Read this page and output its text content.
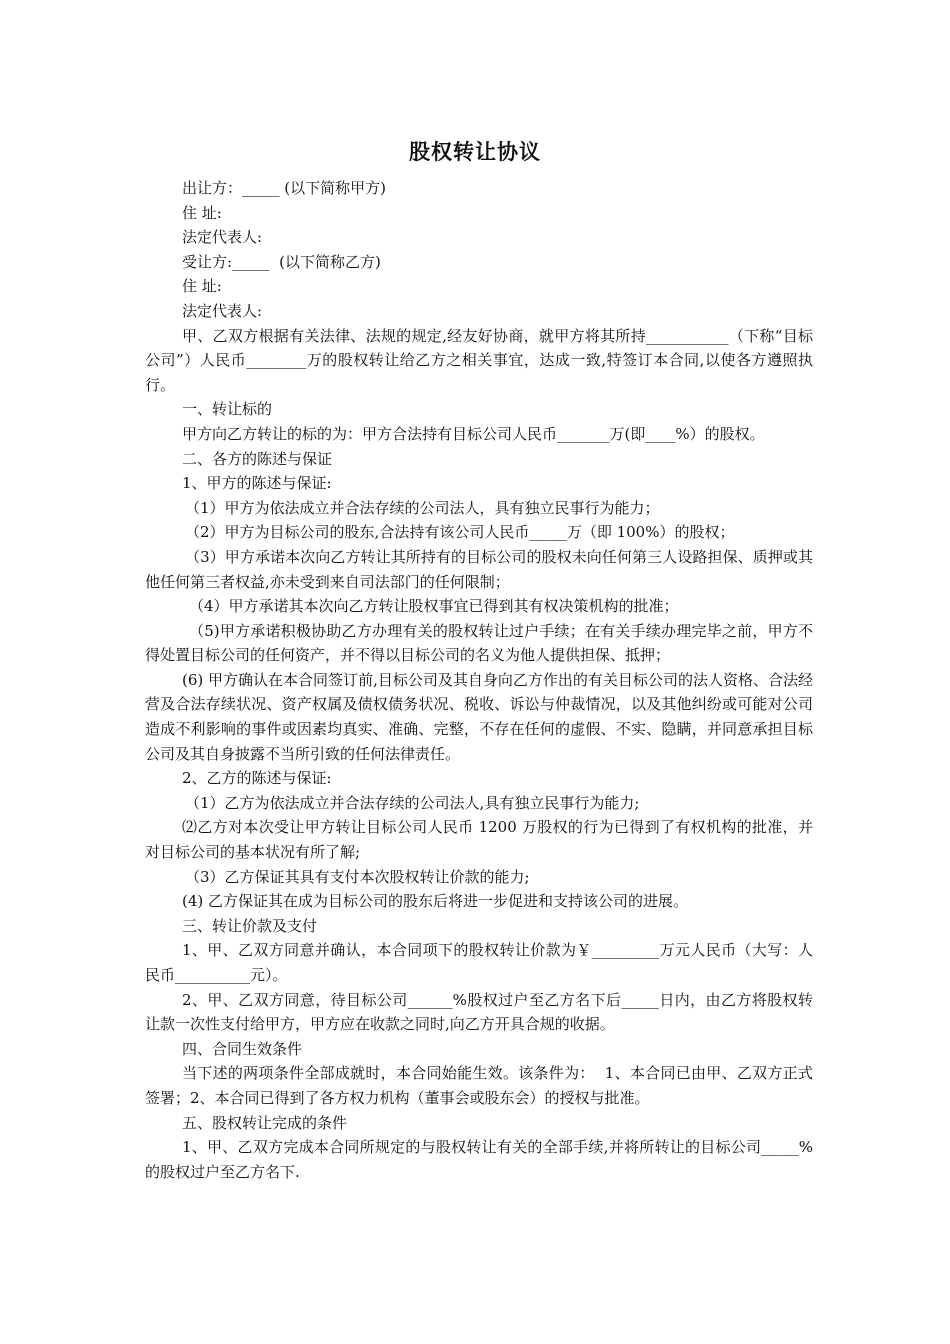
股权转让协议

出让方：_____ (以下简称甲方)

住 址:

法定代表人:

受让方:_____  (以下简称乙方)

住 址:

法定代表人:

甲、乙双方根据有关法律、法规的规定,经友好协商，就甲方将其所持___________（下称“目标公司”）人民币________万的股权转让给乙方之相关事宜，达成一致,特签订本合同,以使各方遵照执行。

一、转让标的

甲方向乙方转让的标的为：甲方合法持有目标公司人民币_______万(即____%）的股权。

二、各方的陈述与保证

1、甲方的陈述与保证:

（1）甲方为依法成立并合法存续的公司法人，具有独立民事行为能力；

（2）甲方为目标公司的股东,合法持有该公司人民币_____万（即 100%）的股权；

（3）甲方承诺本次向乙方转让其所持有的目标公司的股权未向任何第三人设路担保、质押或其他任何第三者权益,亦未受到来自司法部门的任何限制；

（4）甲方承诺其本次向乙方转让股权事宜已得到其有权决策机构的批准；

（5)甲方承诺积极协助乙方办理有关的股权转让过户手续；在有关手续办理完毕之前，甲方不得处置目标公司的任何资产，并不得以目标公司的名义为他人提供担保、抵押；

(6) 甲方确认在本合同签订前,目标公司及其自身向乙方作出的有关目标公司的法人资格、合法经营及合法存续状况、资产权属及债权债务状况、税收、诉讼与仲裁情况，以及其他纠纷或可能对公司造成不利影响的事件或因素均真实、准确、完整，不存在任何的虚假、不实、隐瞒，并同意承担目标公司及其自身披露不当所引致的任何法律责任。

2、乙方的陈述与保证:

（1）乙方为依法成立并合法存续的公司法人,具有独立民事行为能力;

⑵乙方对本次受让甲方转让目标公司人民币 1200 万股权的行为已得到了有权机构的批准，并对目标公司的基本状况有所了解;

（3）乙方保证其具有支付本次股权转让价款的能力;

(4) 乙方保证其在成为目标公司的股东后将进一步促进和支持该公司的进展。

三、转让价款及支付

1、甲、乙双方同意并确认，本合同项下的股权转让价款为￥_________万元人民币（大写：人民币__________元）。

2、甲、乙双方同意，待目标公司______%股权过户至乙方名下后_____日内，由乙方将股权转让款一次性支付给甲方，甲方应在收款之同时,向乙方开具合规的收据。

四、合同生效条件

当下述的两项条件全部成就时，本合同始能生效。该条件为：  1、本合同已由甲、乙双方正式签署；2、本合同已得到了各方权力机构（董事会或股东会）的授权与批准。

五、股权转让完成的条件

1、甲、乙双方完成本合同所规定的与股权转让有关的全部手续,并将所转让的目标公司_____% 的股权过户至乙方名下.
